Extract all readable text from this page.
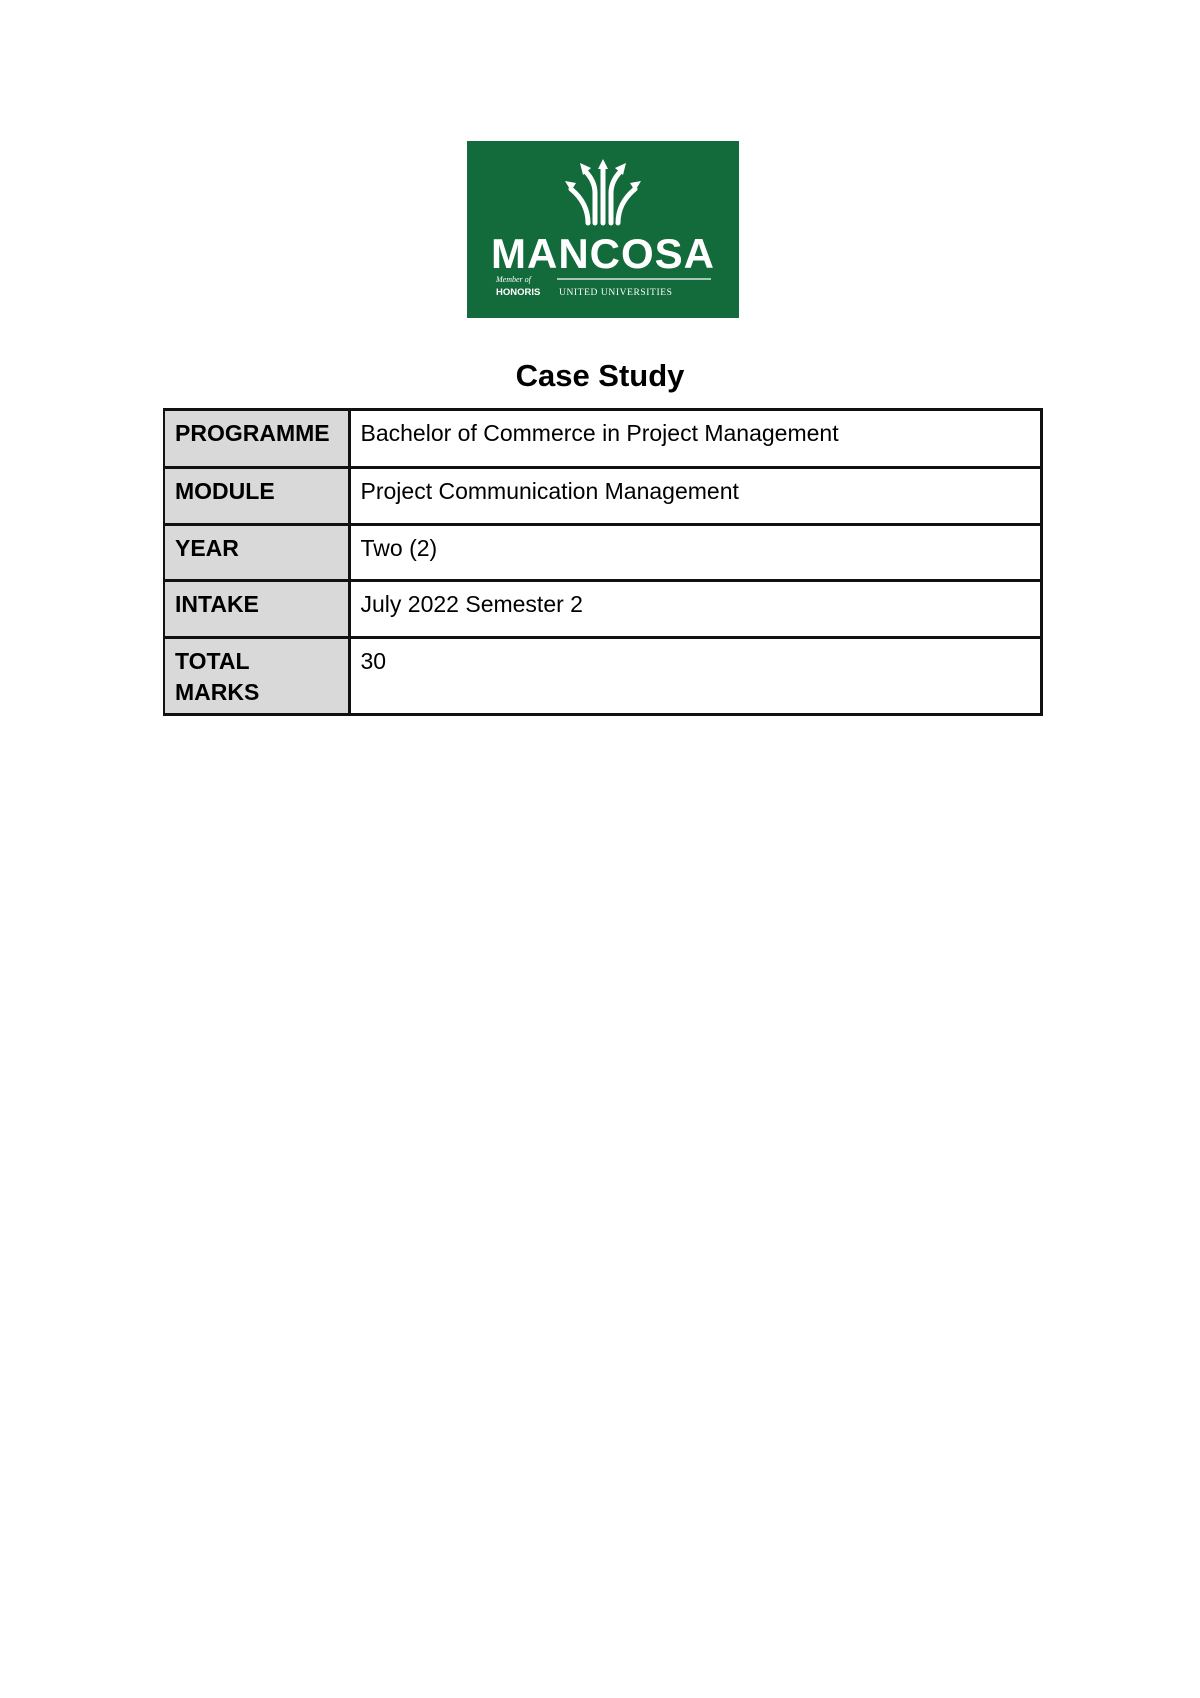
MANCOSA
Member of
HONORIS UNITED UNIVERSITIES
Case Study
PROGRAMME	Bachelor of Commerce in Project Management
MODULE	Project Communication Management
YEAR	Two (2)
INTAKE	July 2022 Semester 2
TOTAL
MARKS	30
